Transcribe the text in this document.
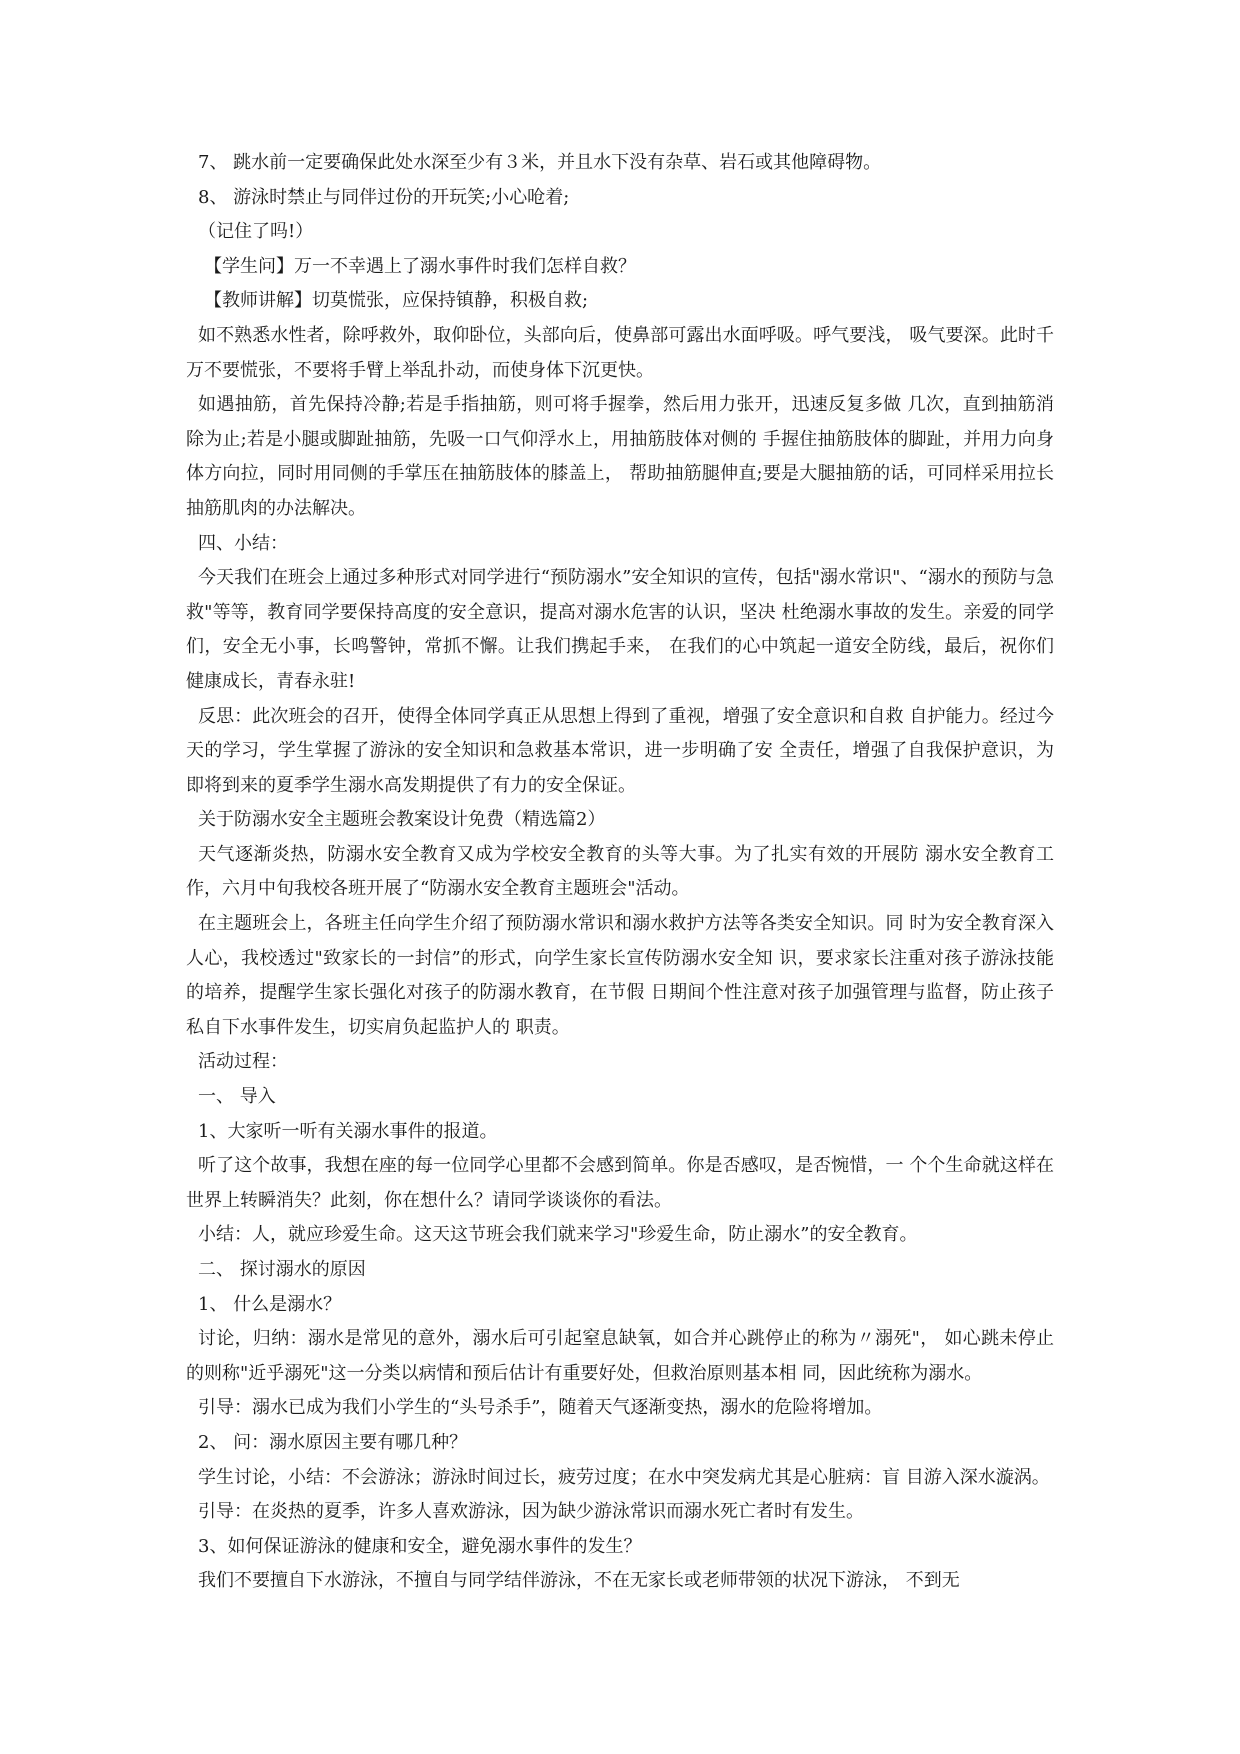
7、 跳水前一定要确保此处水深至少有３米，并且水下没有杂草、岩石或其他障碍物。

8、 游泳时禁止与同伴过份的开玩笑;小心呛着;

（记住了吗!）

【学生问】万一不幸遇上了溺水事件时我们怎样自救？

【教师讲解】切莫慌张，应保持镇静，积极自救;

如不熟悉水性者，除呼救外，取仰卧位，头部向后，使鼻部可露出水面呼吸。呼气要浅， 吸气要深。此时千万不要慌张，不要将手臂上举乱扑动，而使身体下沉更快。

如遇抽筋，首先保持冷静;若是手指抽筋，则可将手握拳，然后用力张开，迅速反复多做 几次，直到抽筋消除为止;若是小腿或脚趾抽筋，先吸一口气仰浮水上，用抽筋肢体对侧的 手握住抽筋肢体的脚趾，并用力向身体方向拉，同时用同侧的手掌压在抽筋肢体的膝盖上， 帮助抽筋腿伸直;要是大腿抽筋的话，可同样采用拉长抽筋肌肉的办法解决。

四、小结：

今天我们在班会上通过多种形式对同学进行“预防溺水”安全知识的宣传，包括"溺水常识"、“溺水的预防与急救"等等，教育同学要保持高度的安全意识，提高对溺水危害的认识，坚决 杜绝溺水事故的发生。亲爱的同学们，安全无小事，长鸣警钟，常抓不懈。让我们携起手来， 在我们的心中筑起一道安全防线，最后，祝你们健康成长，青春永驻!

反思：此次班会的召开，使得全体同学真正从思想上得到了重视，增强了安全意识和自救 自护能力。经过今天的学习，学生掌握了游泳的安全知识和急救基本常识，进一步明确了安 全责任，增强了自我保护意识，为即将到来的夏季学生溺水高发期提供了有力的安全保证。

关于防溺水安全主题班会教案设计免费（精选篇2）

天气逐渐炎热，防溺水安全教育又成为学校安全教育的头等大事。为了扎实有效的开展防 溺水安全教育工作，六月中旬我校各班开展了“防溺水安全教育主题班会"活动。

在主题班会上，各班主任向学生介绍了预防溺水常识和溺水救护方法等各类安全知识。同 时为安全教育深入人心，我校透过"致家长的一封信”的形式，向学生家长宣传防溺水安全知 识，要求家长注重对孩子游泳技能的培养，提醒学生家长强化对孩子的防溺水教育，在节假 日期间个性注意对孩子加强管理与监督，防止孩子私自下水事件发生，切实肩负起监护人的 职责。

活动过程：

一、 导入

1、大家听一听有关溺水事件的报道。

听了这个故事，我想在座的每一位同学心里都不会感到简单。你是否感叹，是否惋惜，一 个个生命就这样在世界上转瞬消失？此刻，你在想什么？请同学谈谈你的看法。

小结：人，就应珍爱生命。这天这节班会我们就来学习"珍爱生命，防止溺水”的安全教育。

二、 探讨溺水的原因

1、 什么是溺水？

讨论，归纳：溺水是常见的意外，溺水后可引起窒息缺氧，如合并心跳停止的称为〃溺死"， 如心跳未停止的则称"近乎溺死"这一分类以病情和预后估计有重要好处，但救治原则基本相 同，因此统称为溺水。

引导：溺水已成为我们小学生的“头号杀手”，随着天气逐渐变热，溺水的危险将增加。

2、 问：溺水原因主要有哪几种？

学生讨论，小结：不会游泳；游泳时间过长，疲劳过度；在水中突发病尤其是心脏病：盲 目游入深水漩涡。

引导：在炎热的夏季，许多人喜欢游泳，因为缺少游泳常识而溺水死亡者时有发生。

3、如何保证游泳的健康和安全，避免溺水事件的发生？

我们不要擅自下水游泳，不擅自与同学结伴游泳，不在无家长或老师带领的状况下游泳， 不到无
